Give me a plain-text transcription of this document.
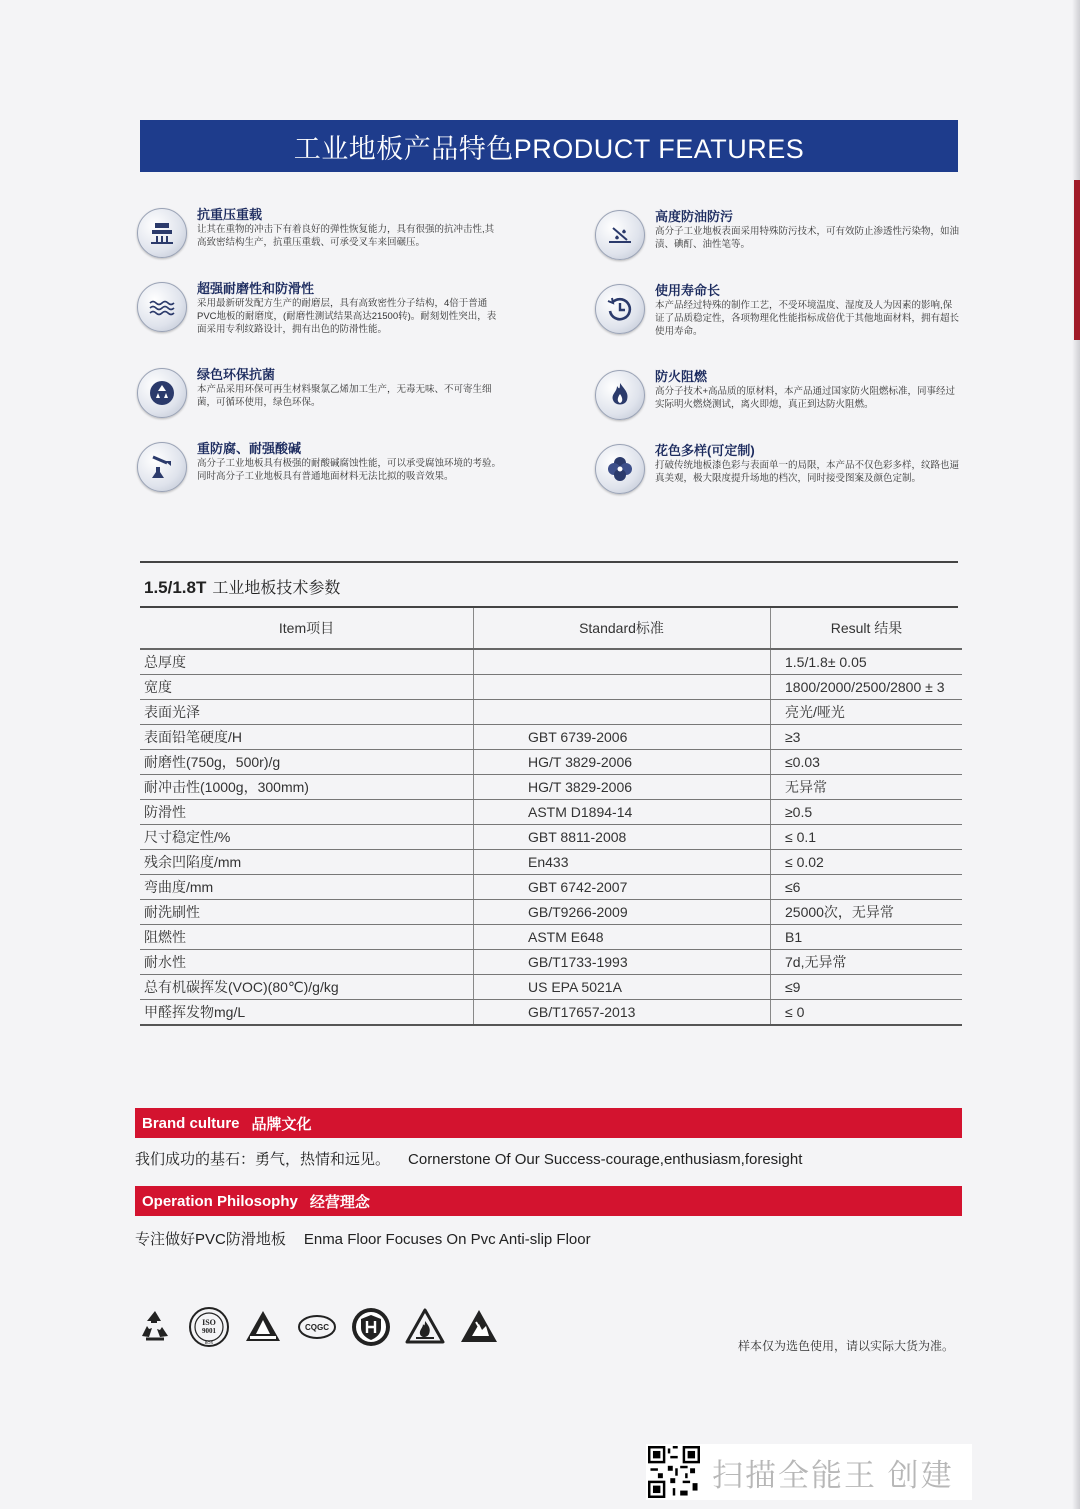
工业地板产品特色PRODUCT FEATURES
抗重压重载
让其在重物的冲击下有着良好的弹性恢复能力，具有很强的抗冲击性,其高致密结构生产，抗重压重载、可承受叉车来回碾压。
高度防油防污
高分子工业地板表面采用特殊防污技术，可有效防止渗透性污染物，如油渍、碘酊、油性笔等。
超强耐磨性和防滑性
采用最新研发配方生产的耐磨层，具有高致密性分子结构，4倍于普通PVC地板的耐磨度，(耐磨性测试结果高达21500转)。耐刻划性突出，表面采用专利纹路设计，拥有出色的防滑性能。
使用寿命长
本产品经过特殊的制作工艺，不受环境温度、湿度及人为因素的影响,保证了品质稳定性，各项物理化性能指标成倍优于其他地面材料，拥有超长使用寿命。
绿色环保抗菌
本产品采用环保可再生材料聚氯乙烯加工生产，无毒无味、不可寄生细菌，可循环使用，绿色环保。
防火阻燃
高分子技术+高品质的原材料，本产品通过国家防火阻燃标准，同事经过实际明火燃烧测试，离火即熄，真正到达防火阻燃。
重防腐、耐强酸碱
高分子工业地板具有极强的耐酸碱腐蚀性能，可以承受腐蚀环境的考验。同时高分子工业地板具有普通地面材料无法比拟的吸音效果。
花色多样(可定制)
打破传统地板漆色彩与表面单一的局限，本产品不仅色彩多样，纹路也逼真美观，极大限度提升场地的档次，同时接受图案及颜色定制。
1.5/1.8T 工业地板技术参数
Item项目	Standard标准	Result 结果
总厚度		1.5/1.8± 0.05
宽度		1800/2000/2500/2800 ± 3
表面光泽		亮光/哑光
表面铅笔硬度/H	GBT 6739-2006	≥3
耐磨性(750g，500r)/g	HG/T 3829-2006	≤0.03
耐冲击性(1000g，300mm)	HG/T 3829-2006	无异常
防滑性	ASTM D1894-14	≥0.5
尺寸稳定性/%	GBT 8811-2008	≤ 0.1
残余凹陷度/mm	En433	≤ 0.02
弯曲度/mm	GBT 6742-2007	≤6
耐洗刷性	GB/T9266-2009	25000次，无异常
阻燃性	ASTM E648	B1
耐水性	GB/T1733-1993	7d,无异常
总有机碳挥发(VOC)(80℃)/g/kg	US EPA 5021A	≤9
甲醛挥发物mg/L	GB/T17657-2013	≤ 0
Brand culture 品牌文化
我们成功的基石：勇气，热情和远见。 Cornerstone Of Our Success-courage,enthusiasm,foresight
Operation Philosophy 经营理念
专注做好PVC防滑地板 Enma Floor Focuses On Pvc Anti-slip Floor
ISO
9001
BOS
CQGC
样本仅为选色使用，请以实际大货为准。
扫描全能王 创建
